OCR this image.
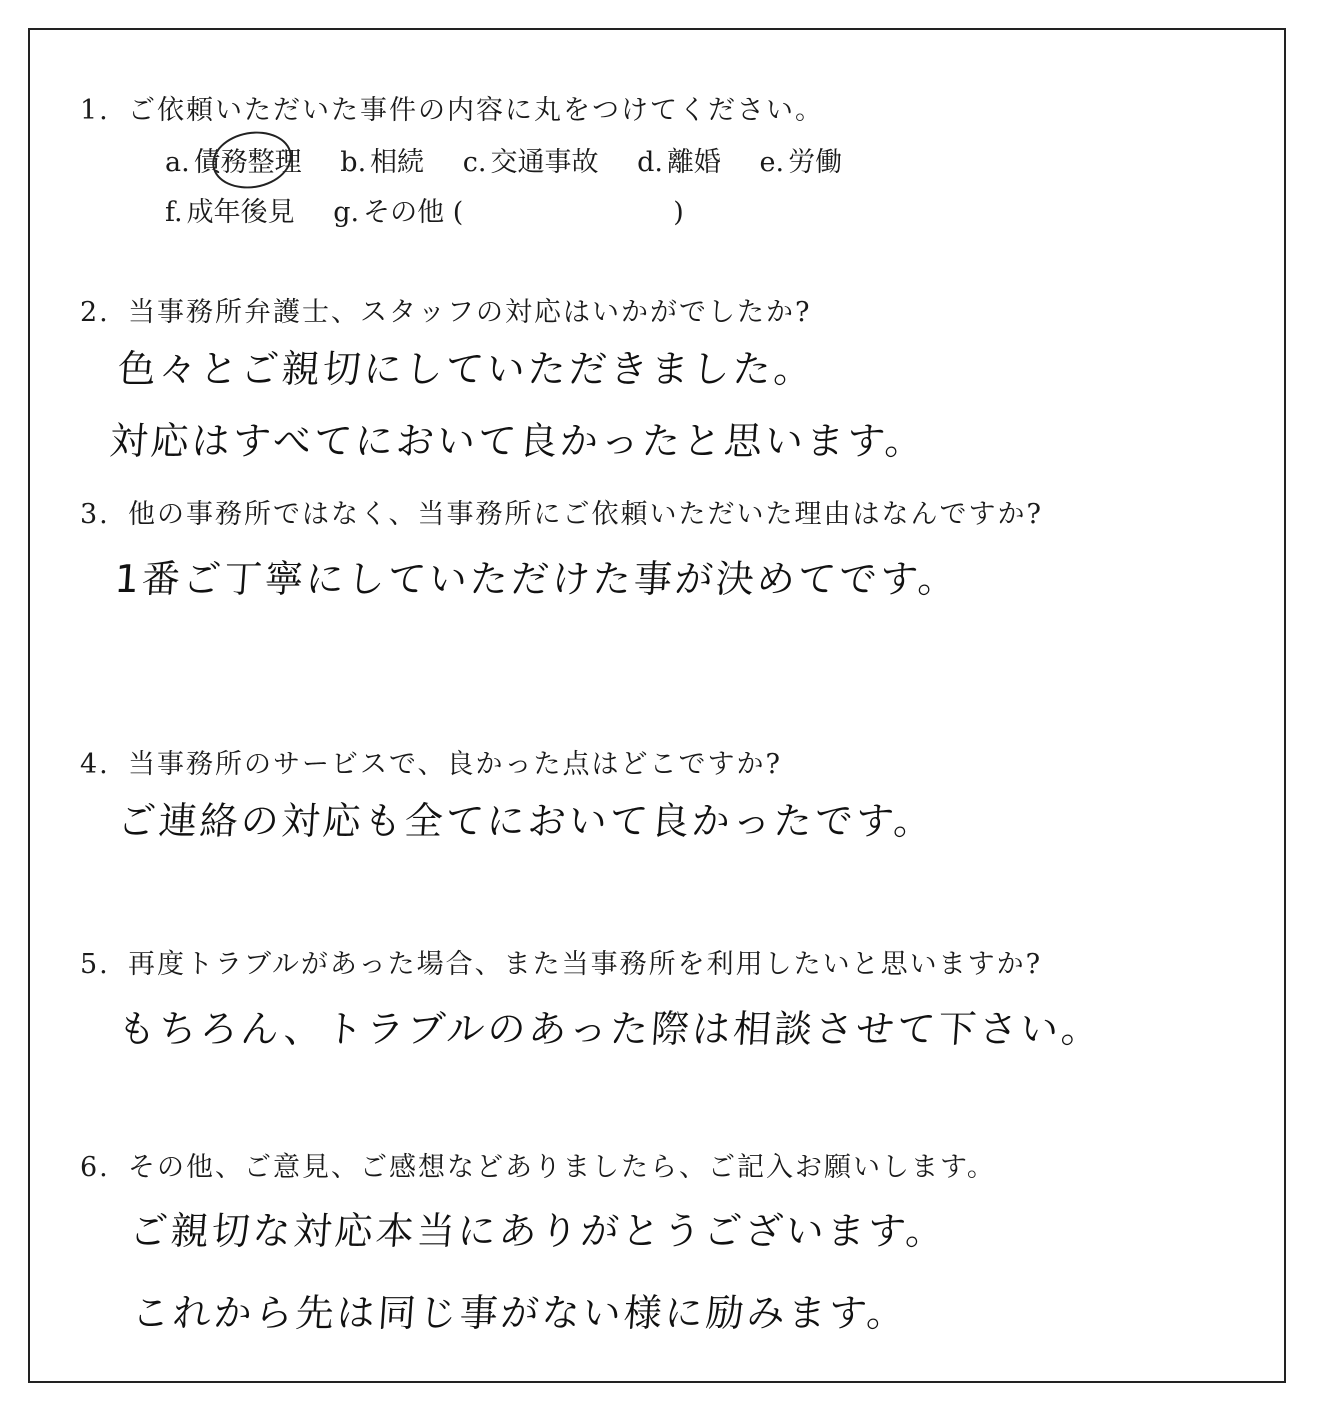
1. ご依頼いただいた事件の内容に丸をつけてください。
a. 債務整理 b. 相続 c. 交通事故 d. 離婚 e. 労働
f. 成年後見 g. その他 (	)
2. 当事務所弁護士、スタッフの対応はいかがでしたか?
色々とご親切にしていただきました。
対応はすべてにおいて良かったと思います。
3. 他の事務所ではなく、当事務所にご依頼いただいた理由はなんですか?
1番ご丁寧にしていただけた事が決めてです。
4. 当事務所のサービスで、良かった点はどこですか?
ご連絡の対応も全てにおいて良かったです。
5. 再度トラブルがあった場合、また当事務所を利用したいと思いますか?
もちろん、トラブルのあった際は相談させて下さい。
6. その他、ご意見、ご感想などありましたら、ご記入お願いします。
ご親切な対応本当にありがとうございます。
これから先は同じ事がない様に励みます。
